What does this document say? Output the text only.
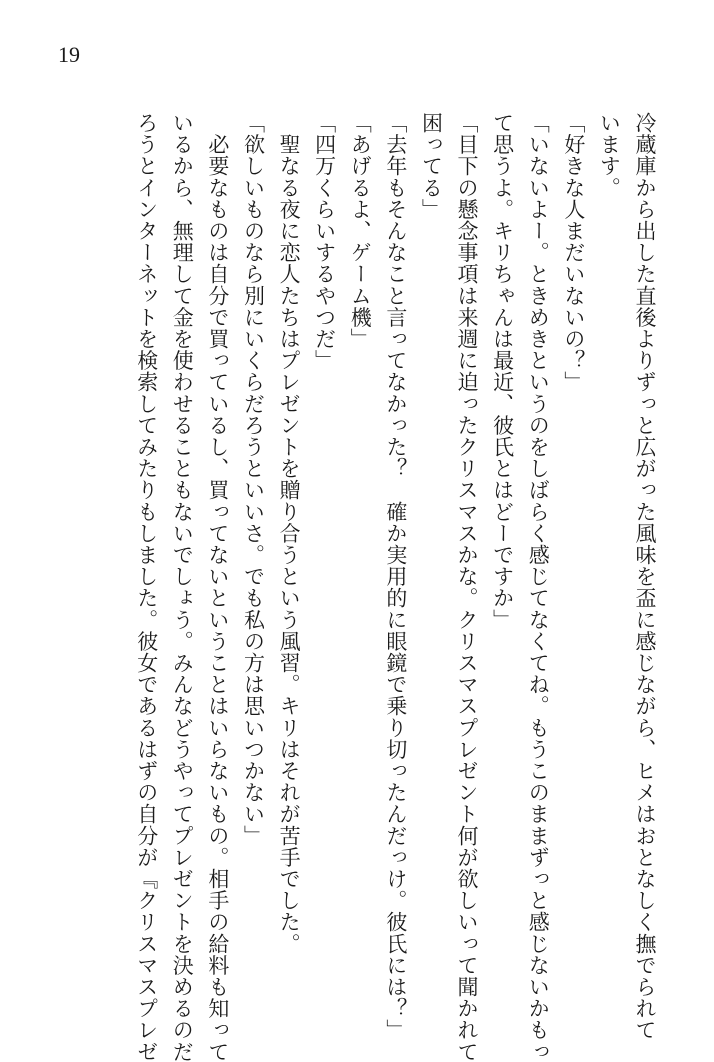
19

冷蔵庫から出した直後よりずっと広がった風味を盃に感じながら、ヒメはおとなしく撫でられて

います。

「好きな人まだいないの？」

「いないよー。ときめきというのをしばらく感じてなくてね。もうこのままずっと感じないかもっ

て思うよ。キリちゃんは最近、彼氏とはどーですか」

「目下の懸念事項は来週に迫ったクリスマスかな。クリスマスプレゼント何が欲しいって聞かれて

困ってる」

「去年もそんなこと言ってなかった？　確か実用的に眼鏡で乗り切ったんだっけ。彼氏には？」

「あげるよ、ゲーム機」

「四万くらいするやつだ」

　聖なる夜に恋人たちはプレゼントを贈り合うという風習。キリはそれが苦手でした。

「欲しいものなら別にいくらだろうといいさ。でも私の方は思いつかない」

　必要なものは自分で買っているし、買ってないということはいらないもの。相手の給料も知って

いるから、無理して金を使わせることもないでしょう。みんなどうやってプレゼントを決めるのだ

ろうとインターネットを検索してみたりもしました。彼女であるはずの自分が『クリスマスプレゼ
